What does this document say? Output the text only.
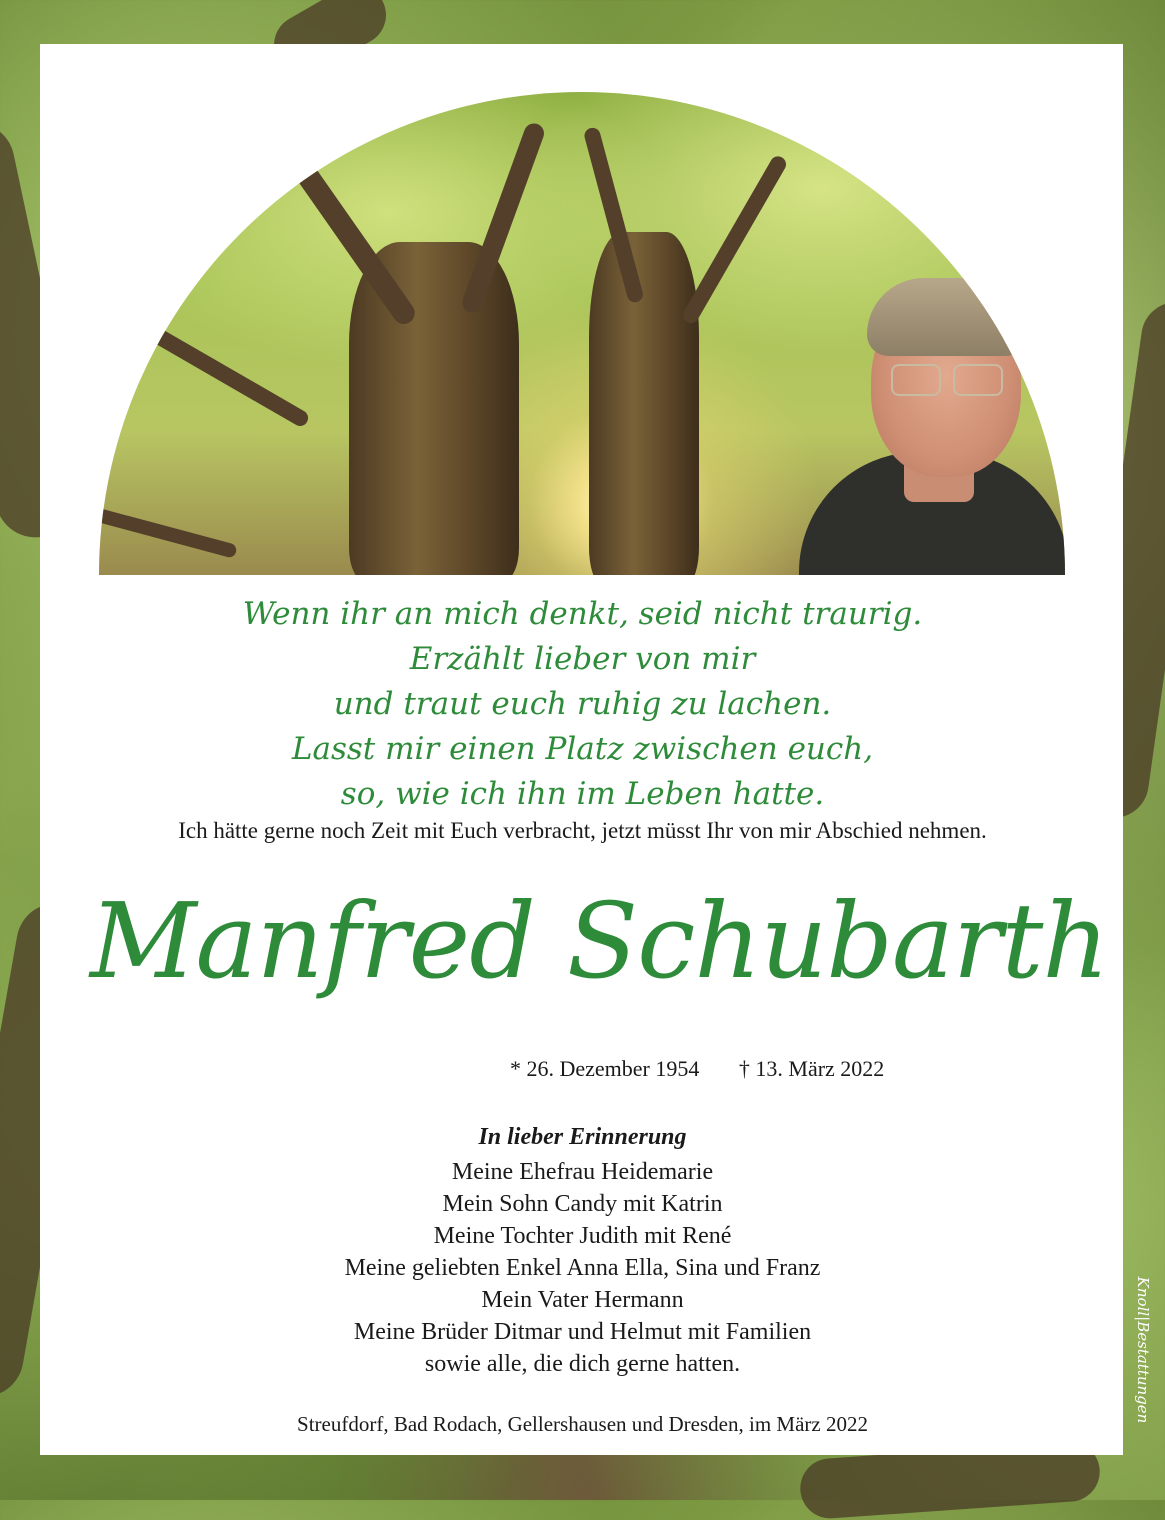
Wenn ihr an mich denkt, seid nicht traurig.
Erzählt lieber von mir
und traut euch ruhig zu lachen.
Lasst mir einen Platz zwischen euch,
so, wie ich ihn im Leben hatte.
Ich hätte gerne noch Zeit mit Euch verbracht, jetzt müsst Ihr von mir Abschied nehmen.
Manfred Schubarth
* 26. Dezember 1954 † 13. März 2022
In lieber Erinnerung
Meine Ehefrau Heidemarie
Mein Sohn Candy mit Katrin
Meine Tochter Judith mit René
Meine geliebten Enkel Anna Ella, Sina und Franz
Mein Vater Hermann
Meine Brüder Ditmar und Helmut mit Familien
sowie alle, die dich gerne hatten.
Streufdorf, Bad Rodach, Gellershausen und Dresden, im März 2022
Knoll|Bestattungen
